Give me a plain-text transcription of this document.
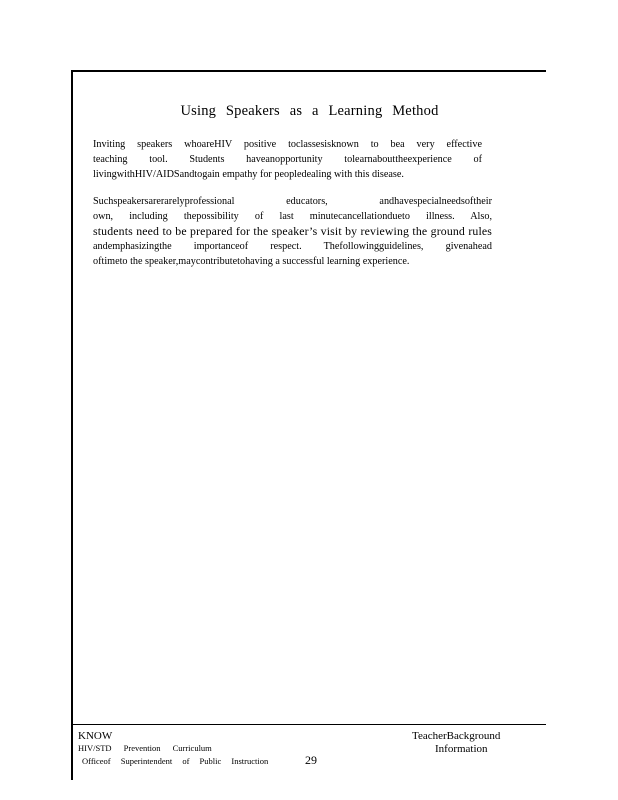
Using Speakers as a Learning Method
Inviting speakers whoareHIV positive toclassesisknown to bea very effective
teaching tool. Students haveanopportunity tolearnabouttheexperience of
livingwithHIV/AIDSandtogain empathy for peopledealing with this disease.
Suchspeakersarerarelyprofessional educators, andhavespecialneedsoftheir
own, including thepossibility of last minutecancellationdueto illness. Also,
students need to be prepared for the speaker’s visit by reviewing the ground rules
andemphasizingthe importanceof respect. Thefollowingguidelines, givenahead
oftimeto the speaker,maycontributetohaving a successful learning experience.
KNOW
HIV/STD Prevention Curriculum
Officeof Superintendent of Public Instruction	29
TeacherBackground
Information
